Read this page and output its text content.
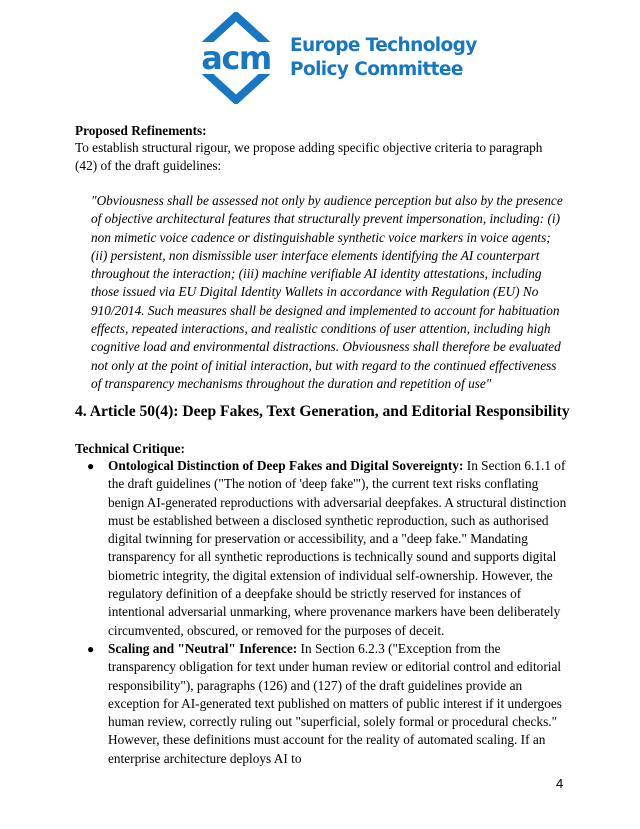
acm Europe Technology
Policy Committee

Proposed Refinements:

To establish structural rigour, we propose adding specific objective criteria to paragraph (42) of the draft guidelines:

"Obviousness shall be assessed not only by audience perception but also by the presence of objective architectural features that structurally prevent impersonation, including: (i) non mimetic voice cadence or distinguishable synthetic voice markers in voice agents; (ii) persistent, non dismissible user interface elements identifying the AI counterpart throughout the interaction; (iii) machine verifiable AI identity attestations, including those issued via EU Digital Identity Wallets in accordance with Regulation (EU) No 910/2014. Such measures shall be designed and implemented to account for habituation effects, repeated interactions, and realistic conditions of user attention, including high cognitive load and environmental distractions. Obviousness shall therefore be evaluated not only at the point of initial interaction, but with regard to the continued effectiveness of transparency mechanisms throughout the duration and repetition of use"

4. Article 50(4): Deep Fakes, Text Generation, and Editorial Responsibility

Technical Critique:

● Ontological Distinction of Deep Fakes and Digital Sovereignty: In Section 6.1.1 of the draft guidelines ("The notion of 'deep fake'"), the current text risks conflating benign AI-generated reproductions with adversarial deepfakes. A structural distinction must be established between a disclosed synthetic reproduction, such as authorised digital twinning for preservation or accessibility, and a "deep fake." Mandating transparency for all synthetic reproductions is technically sound and supports digital biometric integrity, the digital extension of individual self-ownership. However, the regulatory definition of a deepfake should be strictly reserved for instances of intentional adversarial unmarking, where provenance markers have been deliberately circumvented, obscured, or removed for the purposes of deceit.
● Scaling and "Neutral" Inference: In Section 6.2.3 ("Exception from the transparency obligation for text under human review or editorial control and editorial responsibility"), paragraphs (126) and (127) of the draft guidelines provide an exception for AI-generated text published on matters of public interest if it undergoes human review, correctly ruling out "superficial, solely formal or procedural checks." However, these definitions must account for the reality of automated scaling. If an enterprise architecture deploys AI to
4
